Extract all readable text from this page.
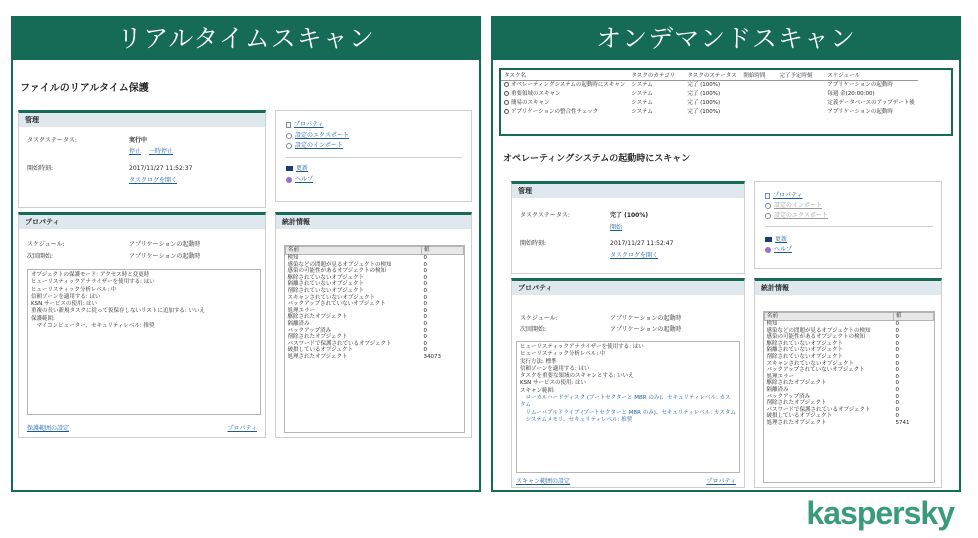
リアルタイムスキャン
ファイルのリアルタイム保護
管理
タスクステータス:	実行中
停止 一時停止
開始時刻:	2017/11/27 11:52:37
タスクログを開く
プロパティ
設定のエクスポート
設定のインポート
更新
ヘルプ
プロパティ
スケジュール:	アプリケーションの起動時
次回開始:	アプリケーションの起動時
オブジェクトの保護モード: アクセス時と変更時
ヒューリスティックアナライザーを使用する: はい
ヒューリスティック分析レベル: 中
信頼ゾーンを適用する: はい
KSN サービスの使用: はい
重複の長い新規タスクに従って仮保存しないリストに追加する: いいえ
保護範囲:
　マイコンピューター、セキュリティレベル: 推奨
保護範囲の設定	プロパティ
統計情報
名前	値
検知	0
感染などの問題が見るオブジェクトの検知	0
感染の可能性があるオブジェクトの検知	0
駆除されていないオブジェクト	0
隔離されていないオブジェクト	0
削除されていないオブジェクト	0
スキャンされていないオブジェクト	0
バックアップされていないオブジェクト	0
処理エラー	0
駆除されたオブジェクト	0
隔離済み	0
バックアップ済み	0
削除されたオブジェクト	0
パスワードで保護されているオブジェクト	0
破損しているオブジェクト	0
処理されたオブジェクト	34073
オンデマンドスキャン
タスク名	タスクのカテゴリ	タスクのステータス	開始時間	完了予定時刻	スケジュール
オペレーティングシステムの起動時にスキャン	システム	完了 (100%)			アプリケーションの起動時
重要領域のスキャン	システム	完了 (100%)			毎週 金(20:00:00)
簡易のスキャン	システム	完了 (100%)			定義データベースのアップデート後
アプリケーションの整合性チェック	システム	完了 (100%)			アプリケーションの起動時
オペレーティングシステムの起動時にスキャン
管理
タスクステータス:	完了 (100%)
開始
開始時刻:	2017/11/27 11:52:47
タスクログを開く
プロパティ
設定のインポート
設定のエクスポート
更新
ヘルプ
プロパティ
スケジュール:	アプリケーションの起動時
次回開始:	アプリケーションの起動時
ヒューリスティックアナライザーを使用する: はい
ヒューリスティック分析レベル: 中
実行方法: 標準
信頼ゾーンを適用する: はい
タスクを重要な領域のスキャンとする: いいえ
KSN サービスの使用: はい
スキャン範囲:
　ローカルハードディスク (ブートセクターと MBR のみ)、セキュリティレベル: カスタム
　リムーバブルドライブ (ブートセクターと MBR のみ)、セキュリティレベル: カスタム
　システムメモリ、セキュリティレベル: 推奨
スキャン範囲の設定	プロパティ
統計情報
名前	値
検知	0
感染などの問題が見るオブジェクトの検知	0
感染の可能性があるオブジェクトの検知	0
駆除されていないオブジェクト	0
隔離されていないオブジェクト	0
削除されていないオブジェクト	0
スキャンされていないオブジェクト	0
バックアップされていないオブジェクト	0
処理エラー	0
駆除されたオブジェクト	0
隔離済み	0
バックアップ済み	0
削除されたオブジェクト	0
パスワードで保護されているオブジェクト	0
破損しているオブジェクト	0
処理されたオブジェクト	5741
kaspersky
